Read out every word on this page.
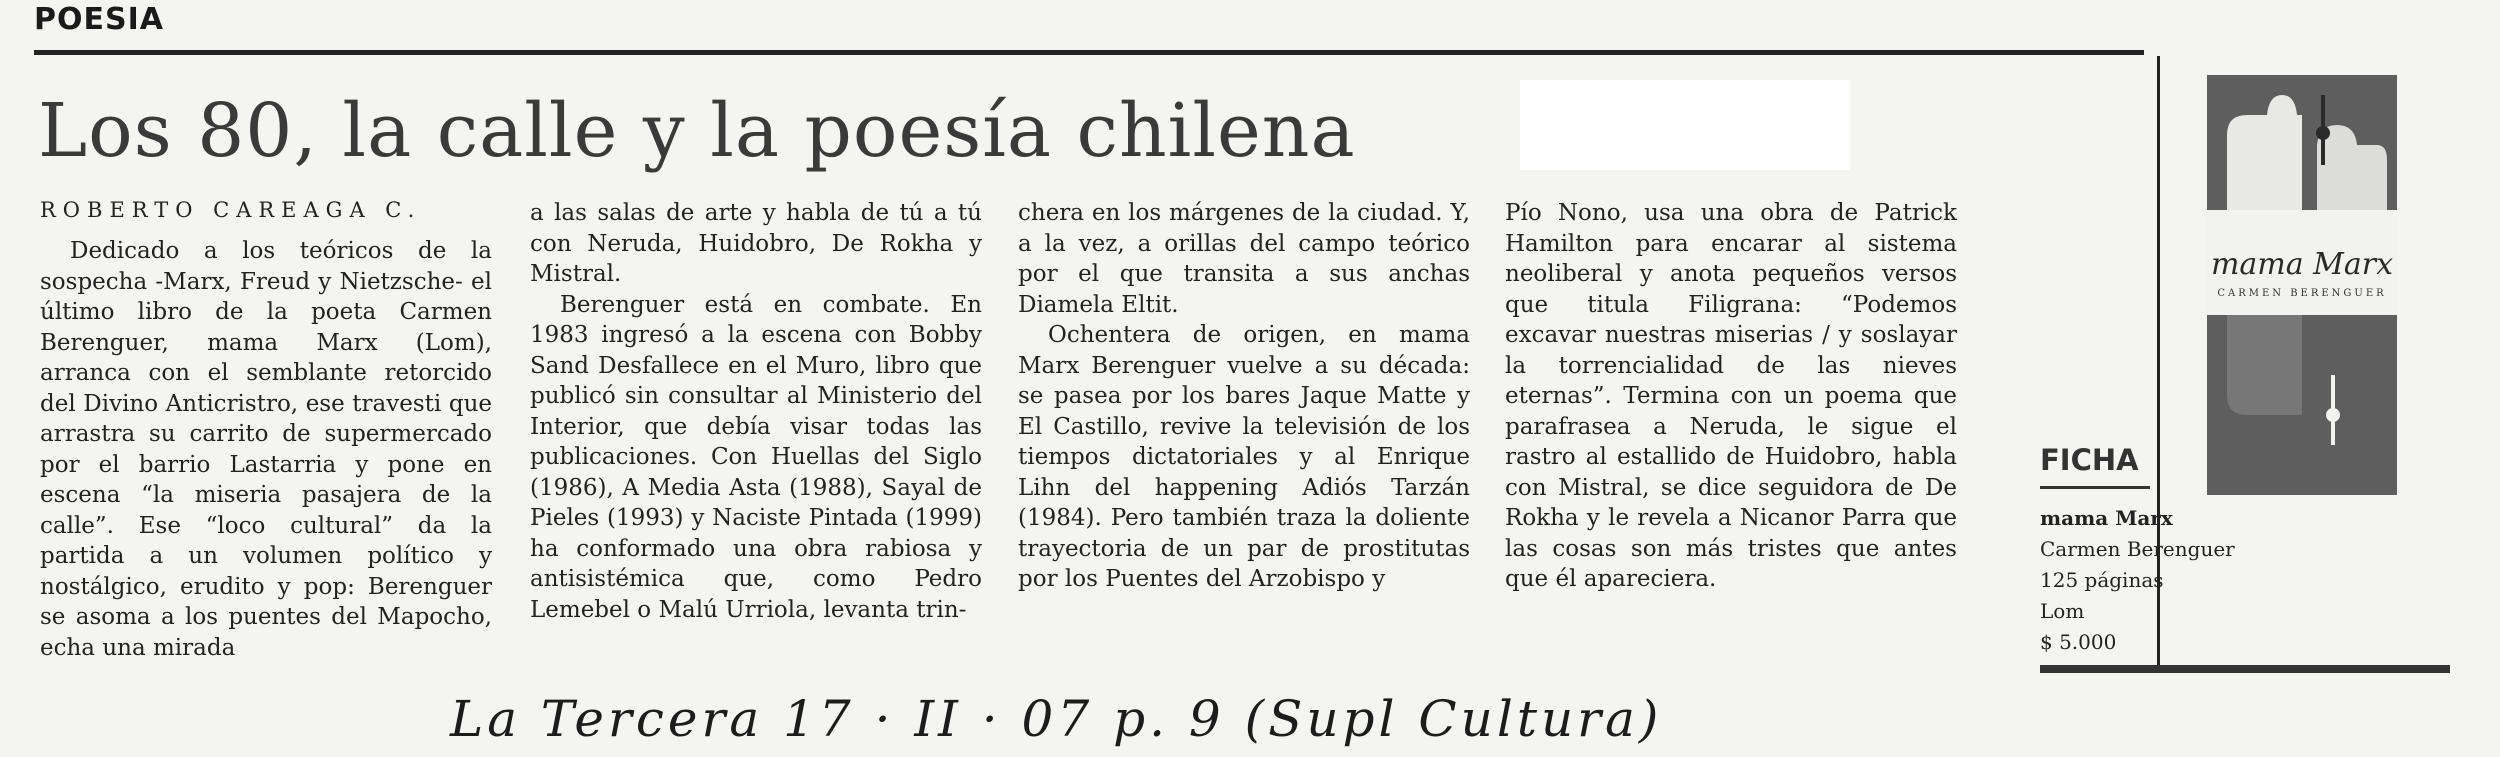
POESIA
Los 80, la calle y la poesía chilena
ROBERTO CAREAGA C.

Dedicado a los teóricos de la sospecha -Marx, Freud y Nietzsche- el último libro de la poeta Carmen Berenguer, mama Marx (Lom), arranca con el semblante retorcido del Divino Anticristro, ese travesti que arrastra su carrito de supermercado por el barrio Lastarria y pone en escena “la miseria pasajera de la calle”. Ese “loco cultural” da la partida a un volumen político y nostálgico, erudito y pop: Berenguer se asoma a los puentes del Mapocho, echa una mirada

a las salas de arte y habla de tú a tú con Neruda, Huidobro, De Rokha y Mistral.

Berenguer está en combate. En 1983 ingresó a la escena con Bobby Sand Desfallece en el Muro, libro que publicó sin consultar al Ministerio del Interior, que debía visar todas las publicaciones. Con Huellas del Siglo (1986), A Media Asta (1988), Sayal de Pieles (1993) y Naciste Pintada (1999) ha conformado una obra rabiosa y antisistémica que, como Pedro Lemebel o Malú Urriola, levanta trin-

chera en los márgenes de la ciudad. Y, a la vez, a orillas del campo teórico por el que transita a sus anchas Diamela Eltit.

Ochentera de origen, en mama Marx Berenguer vuelve a su década: se pasea por los bares Jaque Matte y El Castillo, revive la televisión de los tiempos dictatoriales y al Enrique Lihn del happening Adiós Tarzán (1984). Pero también traza la doliente trayectoria de un par de prostitutas por los Puentes del Arzobispo y

Pío Nono, usa una obra de Patrick Hamilton para encarar al sistema neoliberal y anota pequeños versos que titula Filigrana: “Podemos excavar nuestras miserias / y soslayar la torrencialidad de las nieves eternas”. Termina con un poema que parafrasea a Neruda, le sigue el rastro al estallido de Huidobro, habla con Mistral, se dice seguidora de De Rokha y le revela a Nicanor Parra que las cosas son más tristes que antes que él apareciera.

mama Marx
CARMEN BERENGUER
FICHA
mama Marx
Carmen Berenguer
125 páginas
Lom
$ 5.000
La Tercera 17 · II · 07 p. 9 (Supl Cultura)
